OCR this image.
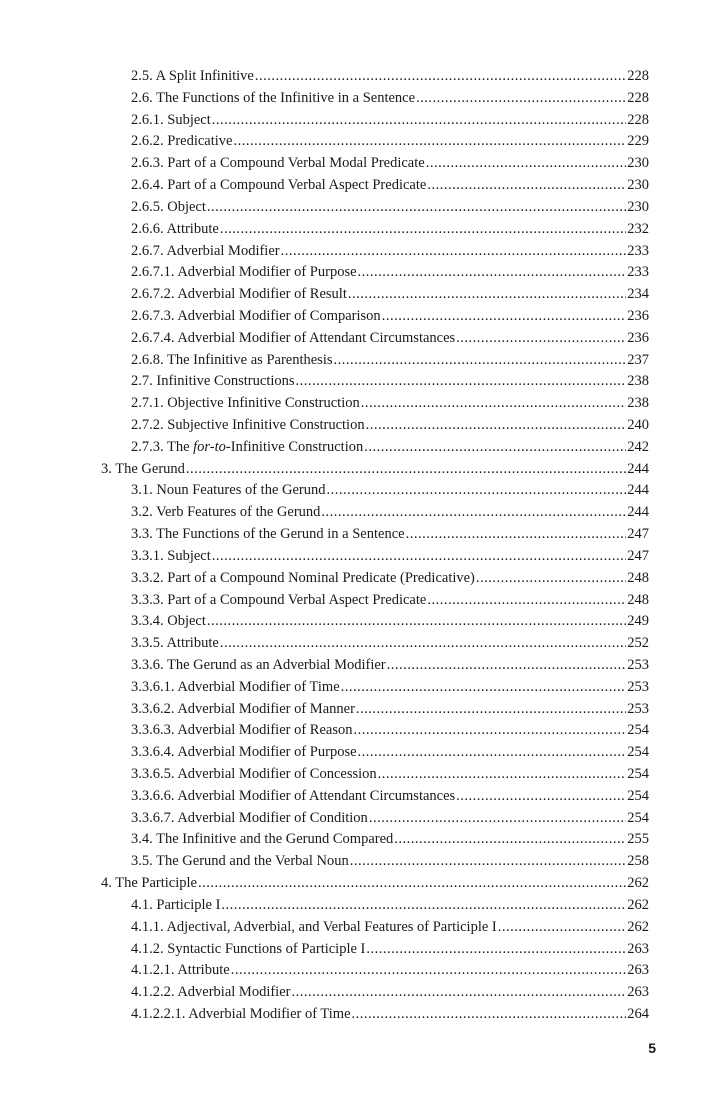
2.5. A Split Infinitive .....	228
2.6. The Functions of the Infinitive in a Sentence .....	228
2.6.1. Subject .....	228
2.6.2. Predicative .....	229
2.6.3. Part of a Compound Verbal Modal Predicate .....	230
2.6.4. Part of a Compound Verbal Aspect Predicate .....	230
2.6.5. Object .....	230
2.6.6. Attribute .....	232
2.6.7. Adverbial Modifier .....	233
2.6.7.1. Adverbial Modifier of Purpose .....	233
2.6.7.2. Adverbial Modifier of Result .....	234
2.6.7.3. Adverbial Modifier of Comparison .....	236
2.6.7.4. Adverbial Modifier of Attendant Circumstances .....	236
2.6.8. The Infinitive as Parenthesis .....	237
2.7. Infinitive Constructions .....	238
2.7.1. Objective Infinitive Construction .....	238
2.7.2. Subjective Infinitive Construction .....	240
2.7.3. The for-to-Infinitive Construction .....	242
3. The Gerund .....	244
3.1. Noun Features of the Gerund .....	244
3.2. Verb Features of the Gerund .....	244
3.3. The Functions of the Gerund in a Sentence .....	247
3.3.1. Subject .....	247
3.3.2. Part of a Compound Nominal Predicate (Predicative) .....	248
3.3.3. Part of a Compound Verbal Aspect Predicate .....	248
3.3.4. Object .....	249
3.3.5. Attribute .....	252
3.3.6. The Gerund as an Adverbial Modifier .....	253
3.3.6.1. Adverbial Modifier of Time .....	253
3.3.6.2. Adverbial Modifier of Manner .....	253
3.3.6.3. Adverbial Modifier of Reason .....	254
3.3.6.4. Adverbial Modifier of Purpose .....	254
3.3.6.5. Adverbial Modifier of Concession .....	254
3.3.6.6. Adverbial Modifier of Attendant Circumstances .....	254
3.3.6.7. Adverbial Modifier of Condition .....	254
3.4. The Infinitive and the Gerund Compared .....	255
3.5. The Gerund and the Verbal Noun .....	258
4. The Participle .....	262
4.1. Participle I .....	262
4.1.1. Adjectival, Adverbial, and Verbal Features of Participle I .....	262
4.1.2. Syntactic Functions of Participle I .....	263
4.1.2.1. Attribute .....	263
4.1.2.2. Adverbial Modifier .....	263
4.1.2.2.1. Adverbial Modifier of Time .....	264
5
